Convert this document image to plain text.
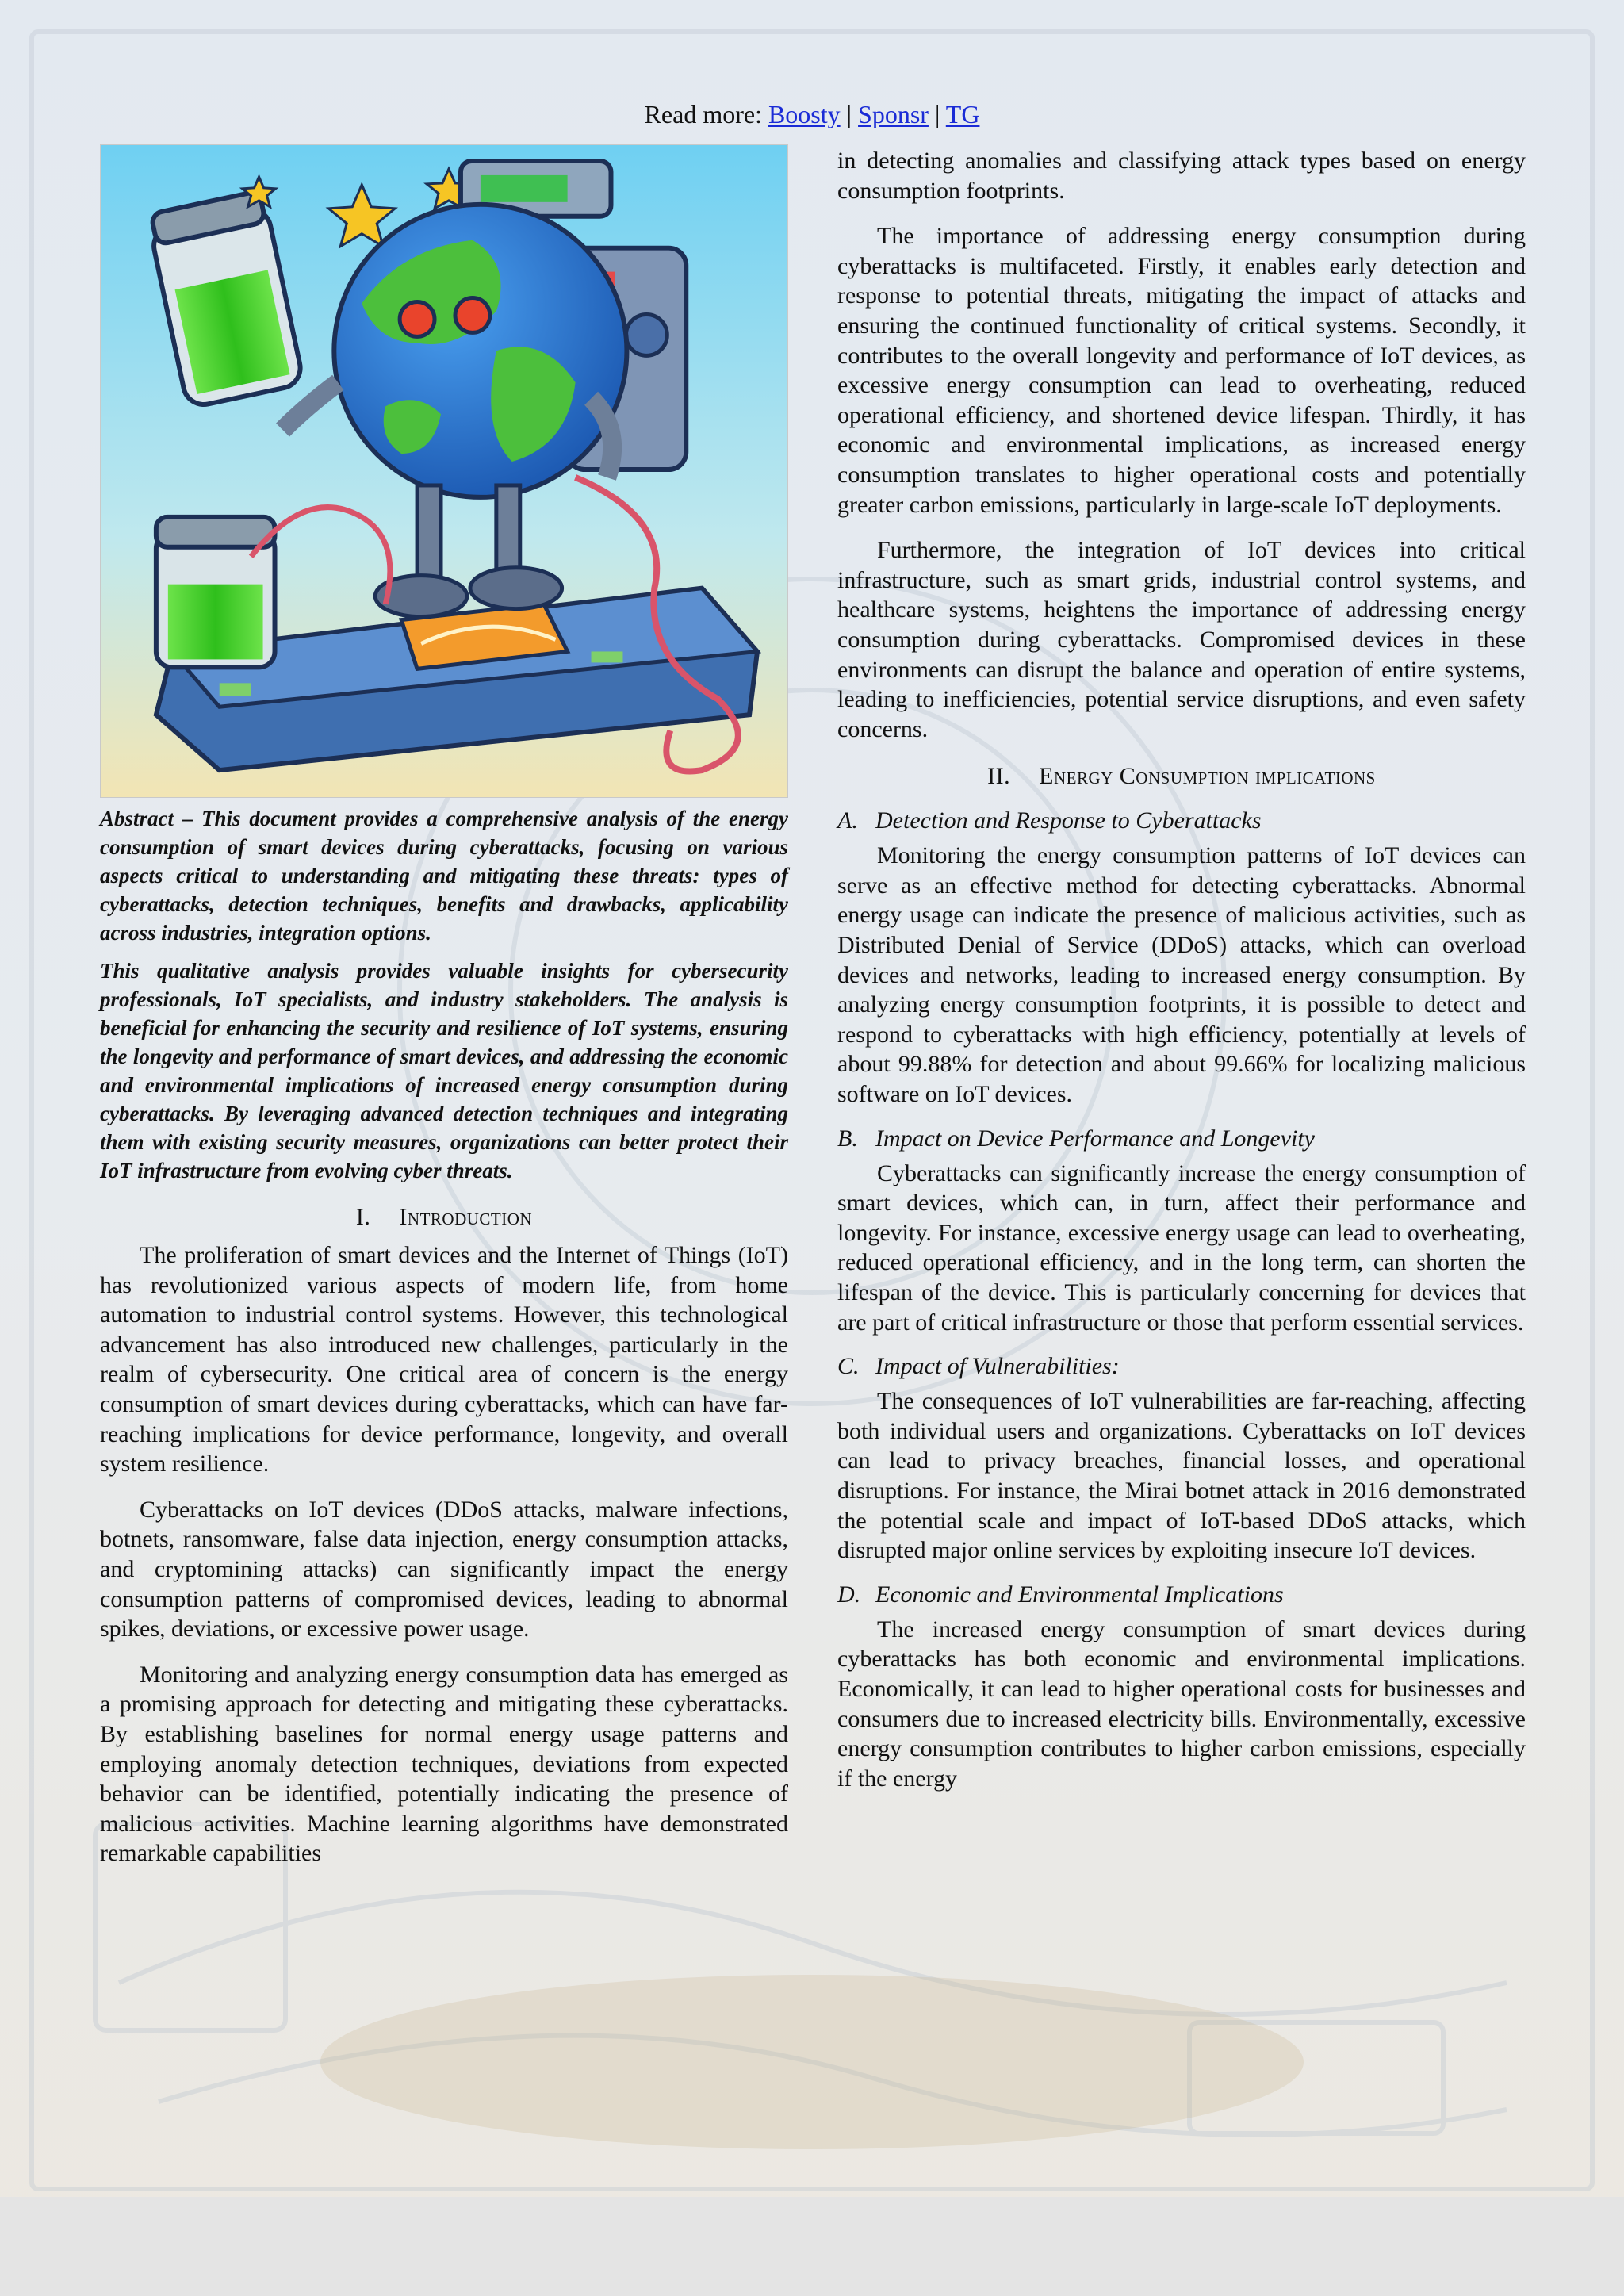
Read more: Boosty | Sponsr | TG

Abstract – This document provides a comprehensive analysis of the energy consumption of smart devices during cyberattacks, focusing on various aspects critical to understanding and mitigating these threats: types of cyberattacks, detection techniques, benefits and drawbacks, applicability across industries, integration options.

This qualitative analysis provides valuable insights for cybersecurity professionals, IoT specialists, and industry stakeholders. The analysis is beneficial for enhancing the security and resilience of IoT systems, ensuring the longevity and performance of smart devices, and addressing the economic and environmental implications of increased energy consumption during cyberattacks. By leveraging advanced detection techniques and integrating them with existing security measures, organizations can better protect their IoT infrastructure from evolving cyber threats.

I. Introduction

The proliferation of smart devices and the Internet of Things (IoT) has revolutionized various aspects of modern life, from home automation to industrial control systems. However, this technological advancement has also introduced new challenges, particularly in the realm of cybersecurity. One critical area of concern is the energy consumption of smart devices during cyberattacks, which can have far-reaching implications for device performance, longevity, and overall system resilience.

Cyberattacks on IoT devices (DDoS attacks, malware infections, botnets, ransomware, false data injection, energy consumption attacks, and cryptomining attacks) can significantly impact the energy consumption patterns of compromised devices, leading to abnormal spikes, deviations, or excessive power usage.

Monitoring and analyzing energy consumption data has emerged as a promising approach for detecting and mitigating these cyberattacks. By establishing baselines for normal energy usage patterns and employing anomaly detection techniques, deviations from expected behavior can be identified, potentially indicating the presence of malicious activities. Machine learning algorithms have demonstrated remarkable capabilities

in detecting anomalies and classifying attack types based on energy consumption footprints.

The importance of addressing energy consumption during cyberattacks is multifaceted. Firstly, it enables early detection and response to potential threats, mitigating the impact of attacks and ensuring the continued functionality of critical systems. Secondly, it contributes to the overall longevity and performance of IoT devices, as excessive energy consumption can lead to overheating, reduced operational efficiency, and shortened device lifespan. Thirdly, it has economic and environmental implications, as increased energy consumption translates to higher operational costs and potentially greater carbon emissions, particularly in large-scale IoT deployments.

Furthermore, the integration of IoT devices into critical infrastructure, such as smart grids, industrial control systems, and healthcare systems, heightens the importance of addressing energy consumption during cyberattacks. Compromised devices in these environments can disrupt the balance and operation of entire systems, leading to inefficiencies, potential service disruptions, and even safety concerns.

II. Energy Consumption implications
A. Detection and Response to Cyberattacks

Monitoring the energy consumption patterns of IoT devices can serve as an effective method for detecting cyberattacks. Abnormal energy usage can indicate the presence of malicious activities, such as Distributed Denial of Service (DDoS) attacks, which can overload devices and networks, leading to increased energy consumption. By analyzing energy consumption footprints, it is possible to detect and respond to cyberattacks with high efficiency, potentially at levels of about 99.88% for detection and about 99.66% for localizing malicious software on IoT devices.

B. Impact on Device Performance and Longevity

Cyberattacks can significantly increase the energy consumption of smart devices, which can, in turn, affect their performance and longevity. For instance, excessive energy usage can lead to overheating, reduced operational efficiency, and in the long term, can shorten the lifespan of the device. This is particularly concerning for devices that are part of critical infrastructure or those that perform essential services.

C. Impact of Vulnerabilities:

The consequences of IoT vulnerabilities are far-reaching, affecting both individual users and organizations. Cyberattacks on IoT devices can lead to privacy breaches, financial losses, and operational disruptions. For instance, the Mirai botnet attack in 2016 demonstrated the potential scale and impact of IoT-based DDoS attacks, which disrupted major online services by exploiting insecure IoT devices.

D. Economic and Environmental Implications

The increased energy consumption of smart devices during cyberattacks has both economic and environmental implications. Economically, it can lead to higher operational costs for businesses and consumers due to increased electricity bills. Environmentally, excessive energy consumption contributes to higher carbon emissions, especially if the energy
